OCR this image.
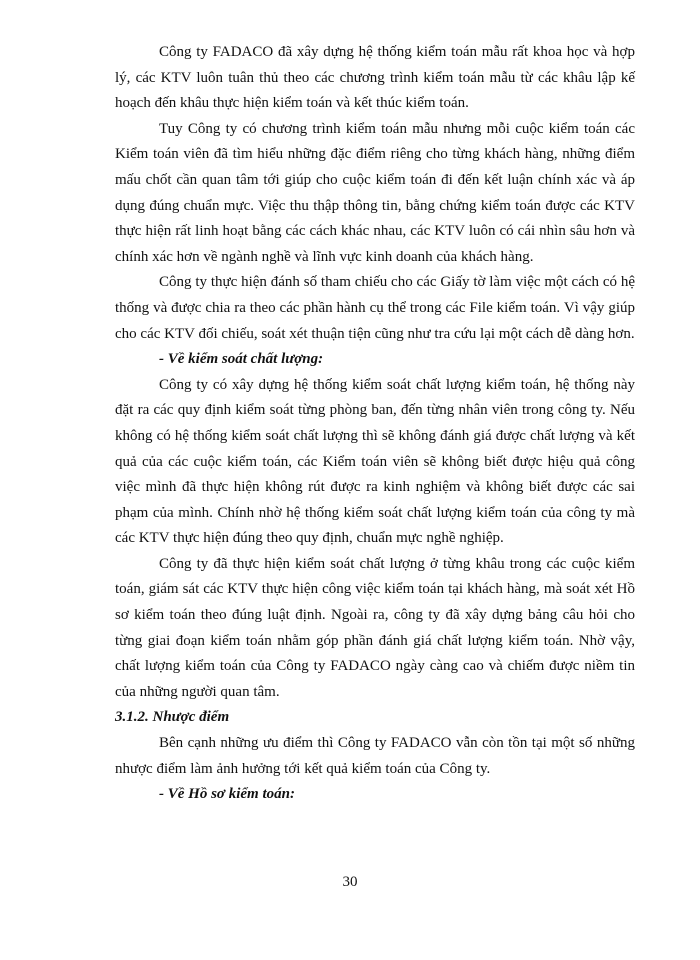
Công ty FADACO đã xây dựng hệ thống kiểm toán mẫu rất khoa học và hợp lý, các KTV luôn tuân thủ theo các chương trình kiểm toán mẫu từ các khâu lập kế hoạch đến khâu thực hiện kiểm toán và kết thúc kiểm toán.

Tuy Công ty có chương trình kiểm toán mẫu nhưng mỗi cuộc kiểm toán các Kiểm toán viên đã tìm hiểu những đặc điểm riêng cho từng khách hàng, những điểm mấu chốt cần quan tâm tới giúp cho cuộc kiểm toán đi đến kết luận chính xác và áp dụng đúng chuẩn mực. Việc thu thập thông tin, bằng chứng kiểm toán được các KTV thực hiện rất linh hoạt bằng các cách khác nhau, các KTV luôn có cái nhìn sâu hơn và chính xác hơn về ngành nghề và lĩnh vực kinh doanh của khách hàng.

Công ty thực hiện đánh số tham chiếu cho các Giấy tờ làm việc một cách có hệ thống và được chia ra theo các phần hành cụ thể trong các File kiểm toán. Vì vậy giúp cho các KTV đối chiếu, soát xét thuận tiện cũng như tra cứu lại một cách dễ dàng hơn.

- Về kiểm soát chất lượng:

Công ty có xây dựng hệ thống kiểm soát chất lượng kiểm toán, hệ thống này đặt ra các quy định kiểm soát từng phòng ban, đến từng nhân viên trong công ty. Nếu không có hệ thống kiểm soát chất lượng thì sẽ không đánh giá được chất lượng và kết quả của các cuộc kiểm toán, các Kiểm toán viên sẽ không biết được hiệu quả công việc mình đã thực hiện không rút được ra kinh nghiệm và không biết được các sai phạm của mình. Chính nhờ hệ thống kiểm soát chất lượng kiểm toán của công ty mà các KTV thực hiện đúng theo quy định, chuẩn mực nghề nghiệp.

Công ty đã thực hiện kiểm soát chất lượng ở từng khâu trong các cuộc kiểm toán, giám sát các KTV thực hiện công việc kiểm toán tại khách hàng, mà soát xét Hồ sơ kiểm toán theo đúng luật định. Ngoài ra, công ty đã xây dựng bảng câu hỏi cho từng giai đoạn kiểm toán nhằm góp phần đánh giá chất lượng kiểm toán. Nhờ vậy, chất lượng kiểm toán của Công ty FADACO ngày càng cao và chiếm được niềm tin của những người quan tâm.

3.1.2. Nhược điểm

Bên cạnh những ưu điểm thì Công ty FADACO vẫn còn tồn tại một số những nhược điểm làm ảnh hưởng tới kết quả kiểm toán của Công ty.

- Về Hồ sơ kiểm toán:

30
